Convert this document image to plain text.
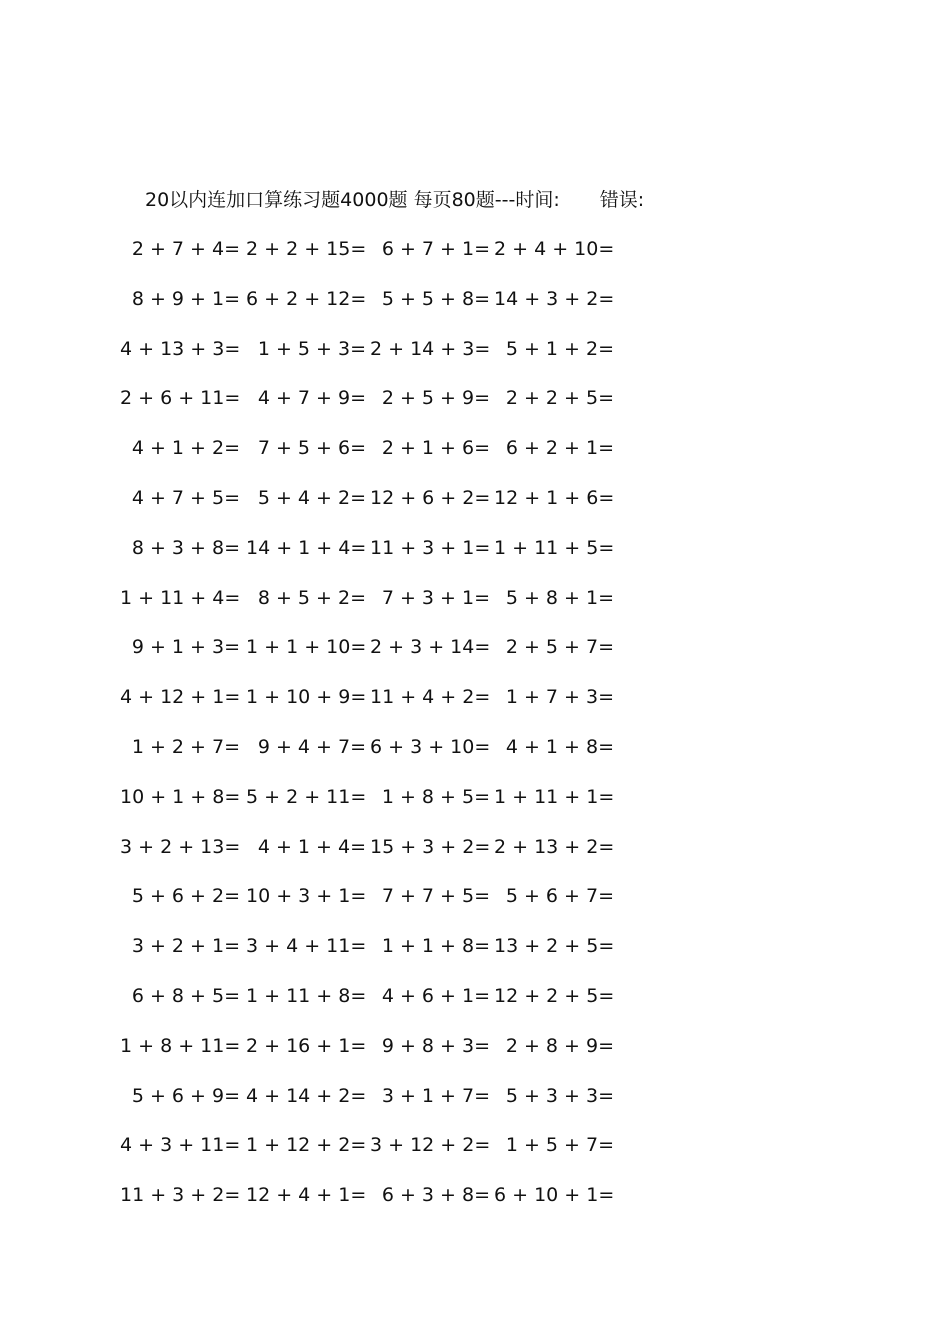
20以内连加口算练习题4000题 每页80题---时间: 错误:
2 + 7 + 4= 2 + 2 + 15= 6 + 7 + 1= 2 + 4 + 10=
8 + 9 + 1= 6 + 2 + 12= 5 + 5 + 8= 14 + 3 + 2=
4 + 13 + 3= 1 + 5 + 3= 2 + 14 + 3= 5 + 1 + 2=
2 + 6 + 11= 4 + 7 + 9= 2 + 5 + 9= 2 + 2 + 5=
4 + 1 + 2= 7 + 5 + 6= 2 + 1 + 6= 6 + 2 + 1=
4 + 7 + 5= 5 + 4 + 2= 12 + 6 + 2= 12 + 1 + 6=
8 + 3 + 8= 14 + 1 + 4= 11 + 3 + 1= 1 + 11 + 5=
1 + 11 + 4= 8 + 5 + 2= 7 + 3 + 1= 5 + 8 + 1=
9 + 1 + 3= 1 + 1 + 10= 2 + 3 + 14= 2 + 5 + 7=
4 + 12 + 1= 1 + 10 + 9= 11 + 4 + 2= 1 + 7 + 3=
1 + 2 + 7= 9 + 4 + 7= 6 + 3 + 10= 4 + 1 + 8=
10 + 1 + 8= 5 + 2 + 11= 1 + 8 + 5= 1 + 11 + 1=
3 + 2 + 13= 4 + 1 + 4= 15 + 3 + 2= 2 + 13 + 2=
5 + 6 + 2= 10 + 3 + 1= 7 + 7 + 5= 5 + 6 + 7=
3 + 2 + 1= 3 + 4 + 11= 1 + 1 + 8= 13 + 2 + 5=
6 + 8 + 5= 1 + 11 + 8= 4 + 6 + 1= 12 + 2 + 5=
1 + 8 + 11= 2 + 16 + 1= 9 + 8 + 3= 2 + 8 + 9=
5 + 6 + 9= 4 + 14 + 2= 3 + 1 + 7= 5 + 3 + 3=
4 + 3 + 11= 1 + 12 + 2= 3 + 12 + 2= 1 + 5 + 7=
11 + 3 + 2= 12 + 4 + 1= 6 + 3 + 8= 6 + 10 + 1=
